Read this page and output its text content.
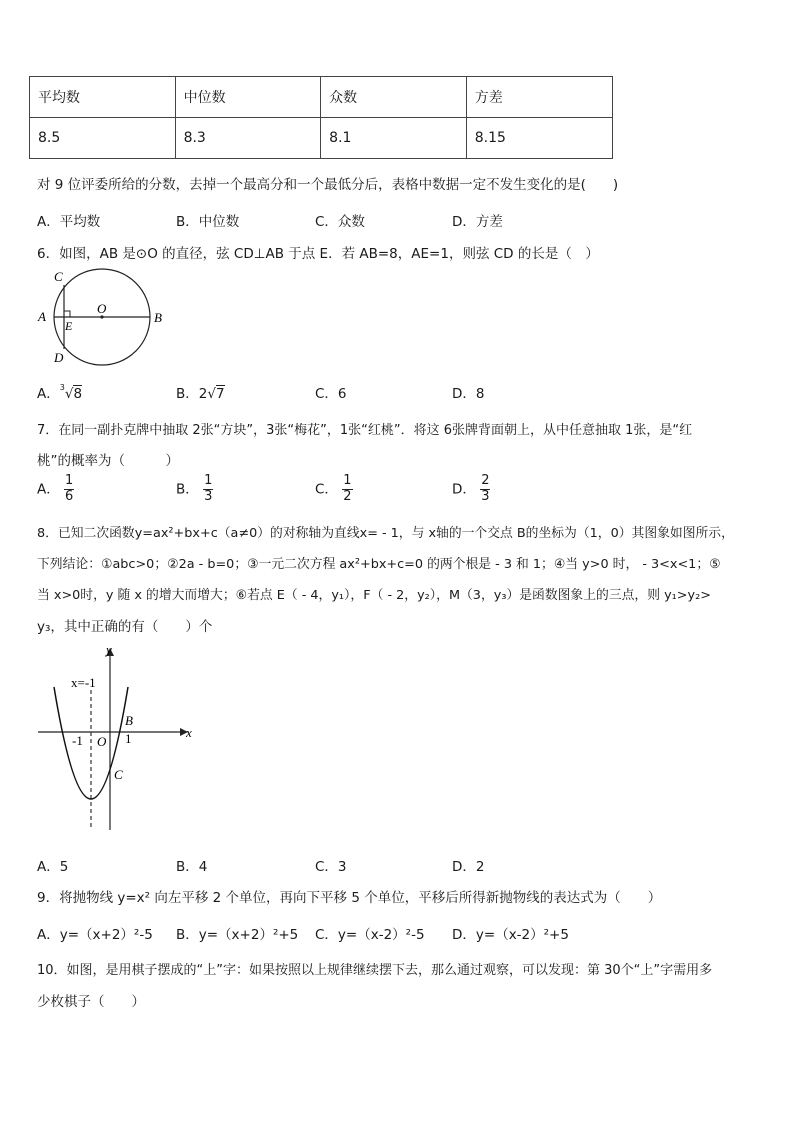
平均数	中位数	众数	方差
8.5	8.3	8.1	8.15
对 9 位评委所给的分数，去掉一个最高分和一个最低分后，表格中数据一定不发生变化的是(　　)
A．平均数	B．中位数	C．众数	D．方差
6．如图，AB 是⊙O 的直径，弦 CD⊥AB 于点 E．若 AB=8，AE=1，则弦 CD 的长是（　）
C
A
E
O
B
D
A．$^3$√8	B．2√7	C．6	D．8
7．在同一副扑克牌中抽取 2张“方块”，3张“梅花”，1张“红桃”．将这 6张牌背面朝上，从中任意抽取 1张，是“红
桃”的概率为（　　　）
A． $\frac{1}{6}$	B． $\frac{1}{3}$	C． $\frac{1}{2}$	D． $\frac{2}{3}$
8．已知二次函数y=ax²+bx+c（a≠0）的对称轴为直线x= - 1，与 x轴的一个交点 B的坐标为（1，0）其图象如图所示，
下列结论：①abc>0；②2a - b=0；③一元二次方程 ax²+bx+c=0 的两个根是 - 3 和 1；④当 y>0 时， - 3<x<1；⑤
当 x>0时，y 随 x 的增大而增大；⑥若点 E（ - 4，y₁），F（ - 2，y₂），M（3，y₃）是函数图象上的三点，则 y₁>y₂>
y₃，其中正确的有（　　）个
y
x=-1
B
x
-1 O 1
C
A．5	B．4	C．3	D．2
9．将抛物线 y=x² 向左平移 2 个单位，再向下平移 5 个单位，平移后所得新抛物线的表达式为（　　）
A．y=（x+2）²-5 B．y=（x+2）²+5 C．y=（x-2）²-5 D．y=（x-2）²+5
10．如图，是用棋子摆成的“上”字：如果按照以上规律继续摆下去，那么通过观察，可以发现：第 30个“上”字需用多
少枚棋子（　　）
